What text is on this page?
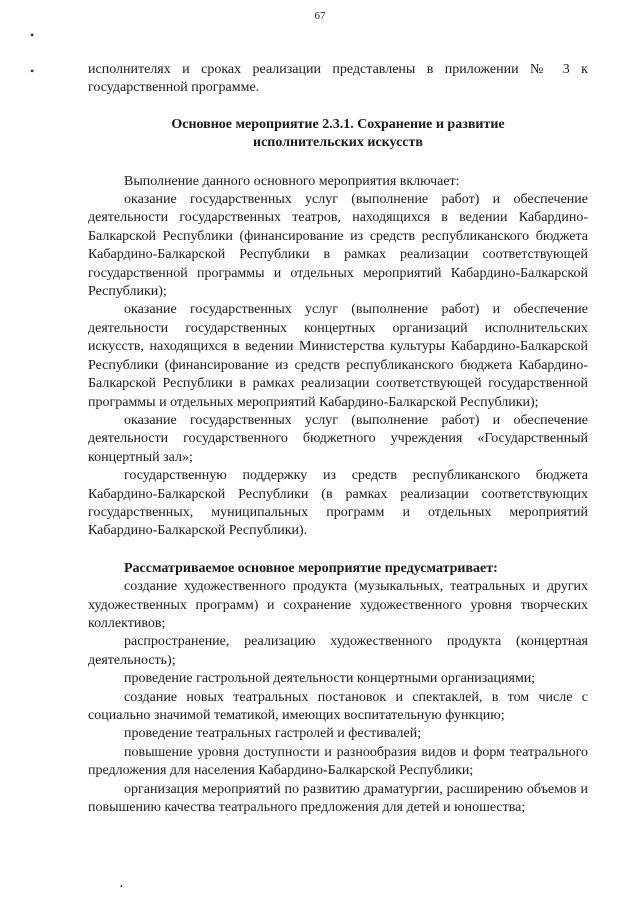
67
•
•
•

исполнителях и сроках реализации представлены в приложении № 3 к государственной программе.

Основное мероприятие 2.3.1. Сохранение и развитие исполнительских искусств

Выполнение данного основного мероприятия включает:

оказание государственных услуг (выполнение работ) и обеспечение деятельности государственных театров, находящихся в ведении Кабардино-Балкарской Республики (финансирование из средств республиканского бюджета Кабардино-Балкарской Республики в рамках реализации соответствующей государственной программы и отдельных мероприятий Кабардино-Балкарской Республики);

оказание государственных услуг (выполнение работ) и обеспечение деятельности государственных концертных организаций исполнительских искусств, находящихся в ведении Министерства культуры Кабардино-Балкарской Республики (финансирование из средств республиканского бюджета Кабардино-Балкарской Республики в рамках реализации соответствующей государственной программы и отдельных мероприятий Кабардино-Балкарской Республики);

оказание государственных услуг (выполнение работ) и обеспечение деятельности государственного бюджетного учреждения «Государственный концертный зал»;

государственную поддержку из средств республиканского бюджета Кабардино-Балкарской Республики (в рамках реализации соответствующих государственных, муниципальных программ и отдельных мероприятий Кабардино-Балкарской Республики).

Рассматриваемое основное мероприятие предусматривает:

создание художественного продукта (музыкальных, театральных и других художественных программ) и сохранение художественного уровня творческих коллективов;

распространение, реализацию художественного продукта (концертная деятельность);

проведение гастрольной деятельности концертными организациями;

создание новых театральных постановок и спектаклей, в том числе с социально значимой тематикой, имеющих воспитательную функцию;

проведение театральных гастролей и фестивалей;

повышение уровня доступности и разнообразия видов и форм театрального предложения для населения Кабардино-Балкарской Республики;

организация мероприятий по развитию драматургии, расширению объемов и повышению качества театрального предложения для детей и юношества;
